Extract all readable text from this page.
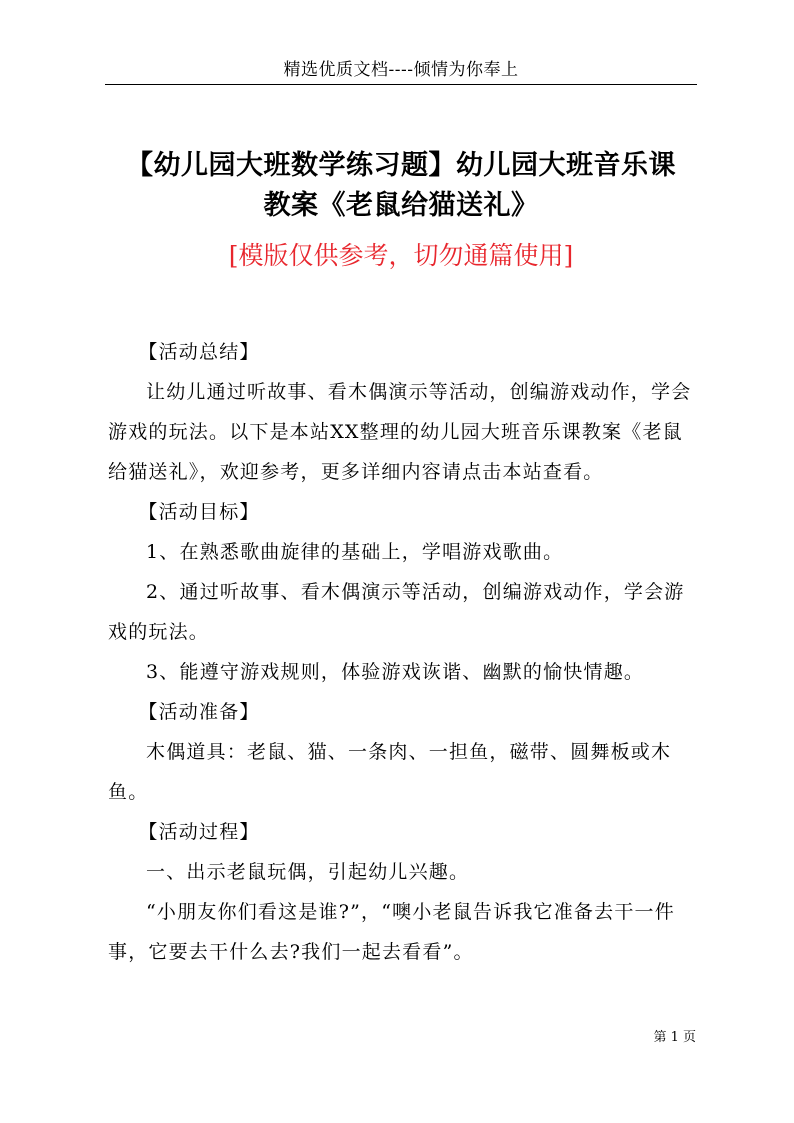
精选优质文档----倾情为你奉上
【幼儿园大班数学练习题】幼儿园大班音乐课
教案《老鼠给猫送礼》
[模版仅供参考，切勿通篇使用]

【活动总结】

让幼儿通过听故事、看木偶演示等活动，创编游戏动作，学会游戏的玩法。以下是本站XX整理的幼儿园大班音乐课教案《老鼠给猫送礼》，欢迎参考，更多详细内容请点击本站查看。

【活动目标】

1、在熟悉歌曲旋律的基础上，学唱游戏歌曲。

2、通过听故事、看木偶演示等活动，创编游戏动作，学会游戏的玩法。

3、能遵守游戏规则，体验游戏诙谐、幽默的愉快情趣。

【活动准备】

木偶道具：老鼠、猫、一条肉、一担鱼，磁带、圆舞板或木鱼。

【活动过程】

一、出示老鼠玩偶，引起幼儿兴趣。

“小朋友你们看这是谁?”，“噢小老鼠告诉我它准备去干一件事，它要去干什么去?我们一起去看看”。

第 1 页
